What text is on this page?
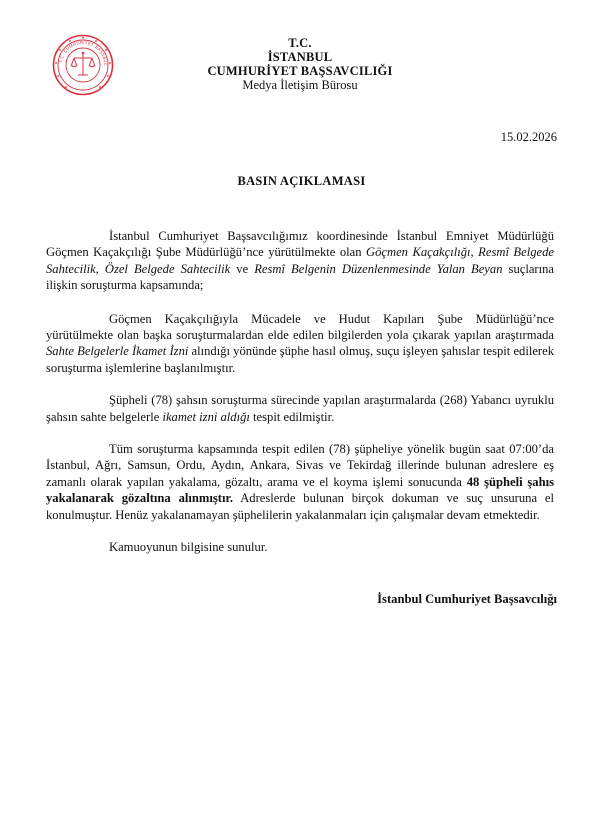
T.C. CUMHURİYET BAŞSAVC
T.C.
İSTANBUL
CUMHURİYET BAŞSAVCILIĞI
Medya İletişim Bürosu
15.02.2026
BASIN AÇIKLAMASI

İstanbul Cumhuriyet Başsavcılığımız koordinesinde İstanbul Emniyet Müdürlüğü Göçmen Kaçakçılığı Şube Müdürlüğü’nce yürütülmekte olan Göçmen Kaçakçılığı, Resmî Belgede Sahtecilik, Özel Belgede Sahtecilik ve Resmî Belgenin Düzenlenmesinde Yalan Beyan suçlarına ilişkin soruşturma kapsamında;

Göçmen Kaçakçılığıyla Mücadele ve Hudut Kapıları Şube Müdürlüğü’nce yürütülmekte olan başka soruşturmalardan elde edilen bilgilerden yola çıkarak yapılan araştırmada Sahte Belgelerle İkamet İzni alındığı yönünde şüphe hasıl olmuş, suçu işleyen şahıslar tespit edilerek soruşturma işlemlerine başlanılmıştır.

Şüpheli (78) şahsın soruşturma sürecinde yapılan araştırmalarda (268) Yabancı uyruklu şahsın sahte belgelerle ikamet izni aldığı tespit edilmiştir.

Tüm soruşturma kapsamında tespit edilen (78) şüpheliye yönelik bugün saat 07:00’da İstanbul, Ağrı, Samsun, Ordu, Aydın, Ankara, Sivas ve Tekirdağ illerinde bulunan adreslere eş zamanlı olarak yapılan yakalama, gözaltı, arama ve el koyma işlemi sonucunda 48 şüpheli şahıs yakalanarak gözaltına alınmıştır. Adreslerde bulunan birçok dokuman ve suç unsuruna el konulmuştur. Henüz yakalanamayan şüphelilerin yakalanmaları için çalışmalar devam etmektedir.

Kamuoyunun bilgisine sunulur.

İstanbul Cumhuriyet Başsavcılığı
